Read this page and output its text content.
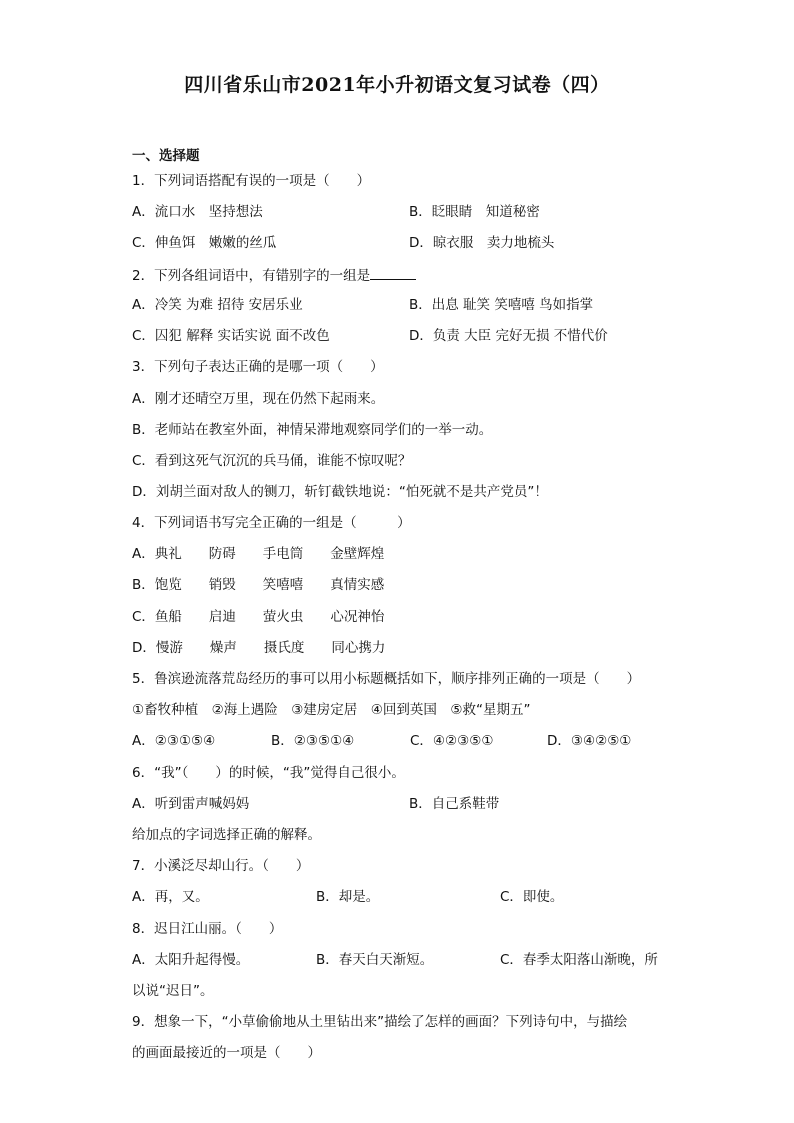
四川省乐山市2021年小升初语文复习试卷（四）
一、选择题
1．下列词语搭配有误的一项是（　　）
A．流口水　坚持想法	B．眨眼睛　知道秘密
C．伸鱼饵　嫩嫩的丝瓜	D．晾衣服　卖力地梳头
2．下列各组词语中，有错别字的一组是
A．冷笑 为难 招待 安居乐业	B．出息 耻笑 笑嘻嘻 鸟如指掌
C．囚犯 解释 实话实说 面不改色	D．负责 大臣 完好无损 不惜代价
3．下列句子表达正确的是哪一项（　　）
A．刚才还晴空万里，现在仍然下起雨来。
B．老师站在教室外面，神情呆滞地观察同学们的一举一动。
C．看到这死气沉沉的兵马俑，谁能不惊叹呢？
D．刘胡兰面对敌人的铡刀，斩钉截铁地说：“怕死就不是共产党员”！
4．下列词语书写完全正确的一组是（　　　）
A．典礼　　防碍　　手电筒　　金壁辉煌
B．饱览　　销毁　　笑嘻嘻　　真情实感
C．鱼船　　启迪　　萤火虫　　心况神怡
D．慢游　　燥声　　摄氏度　　同心携力
5．鲁滨逊流落荒岛经历的事可以用小标题概括如下，顺序排列正确的一项是（　　）
①畜牧种植　②海上遇险　③建房定居　④回到英国　⑤救“星期五”
A．②③①⑤④	B．②③⑤①④	C．④②③⑤①	D．③④②⑤①
6．“我”（　　）的时候，“我”觉得自己很小。
A．听到雷声喊妈妈	B．自己系鞋带
给加点的字词选择正确的解释。
7．小溪泛尽却山行。（　　）
A．再，又。	B．却是。	C．即使。
8．迟日江山丽。（　　）
A．太阳升起得慢。	B．春天白天渐短。	C．春季太阳落山渐晚，所
以说“迟日”。
9．想象一下，“小草偷偷地从土里钻出来”描绘了怎样的画面？下列诗句中，与描绘
的画面最接近的一项是（　　）
